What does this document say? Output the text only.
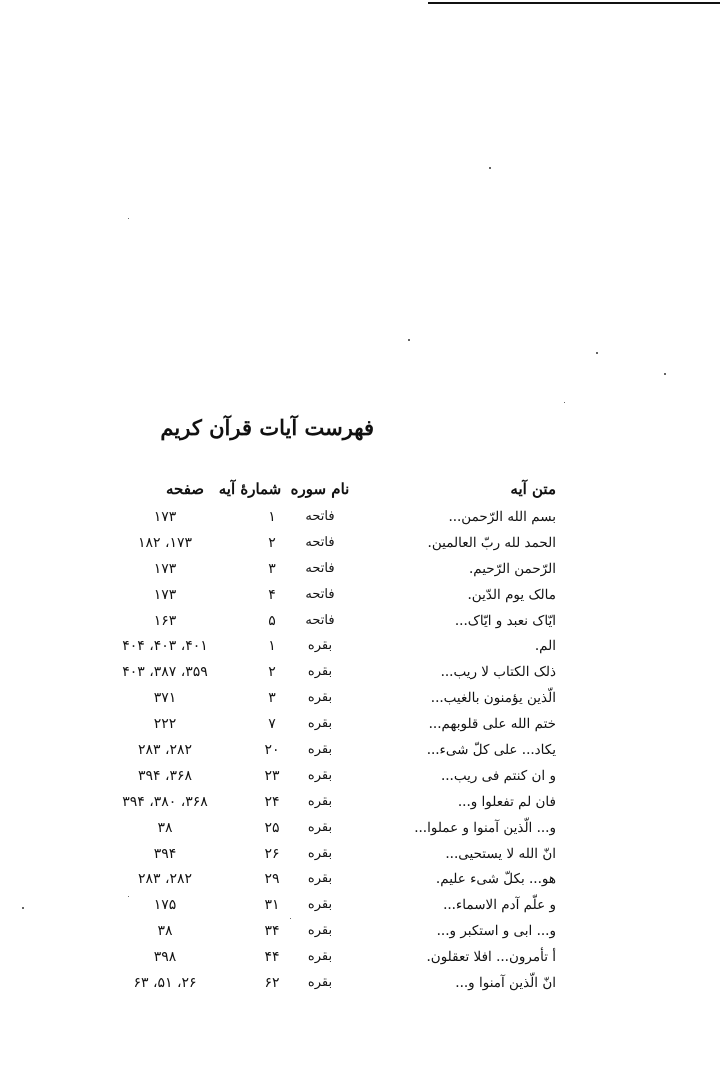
فهرست آیات قرآن کریم
متن آیه
نام سوره
شمارهٔ آیه
صفحه
بسم الله الرّحمن...
فاتحه
۱
۱۷۳
الحمد لله ربّ العالمین.
فاتحه
۲
۱۷۳، ۱۸۲
الرّحمن الرّحیم.
فاتحه
۳
۱۷۳
مالک یوم الدّین.
فاتحه
۴
۱۷۳
ایّاک نعبد و ایّاک...
فاتحه
۵
۱۶۳
الم.
بقره
۱
۴۰۱، ۴۰۳، ۴۰۴
ذلک الکتاب لا ریب...
بقره
۲
۳۵۹، ۳۸۷، ۴۰۳
الّذین یؤمنون بالغیب...
بقره
۳
۳۷۱
ختم الله علی قلوبهم...
بقره
۷
۲۲۲
یکاد... علی کلّ شیء...
بقره
۲۰
۲۸۲، ۲۸۳
و ان کنتم فی ریب...
بقره
۲۳
۳۶۸، ۳۹۴
فان لم تفعلوا و...
بقره
۲۴
۳۶۸، ۳۸۰، ۳۹۴
و... الّذین آمنوا و عملوا...
بقره
۲۵
۳۸
انّ الله لا یستحیی...
بقره
۲۶
۳۹۴
هو... بکلّ شیء علیم.
بقره
۲۹
۲۸۲، ۲۸۳
و علّم آدم الاسماء...
بقره
۳۱
۱۷۵
و... ابی و استکبر و...
بقره
۳۴
۳۸
أ تأمرون... افلا تعقلون.
بقره
۴۴
۳۹۸
انّ الّذین آمنوا و...
بقره
۶۲
۲۶، ۵۱، ۶۳
